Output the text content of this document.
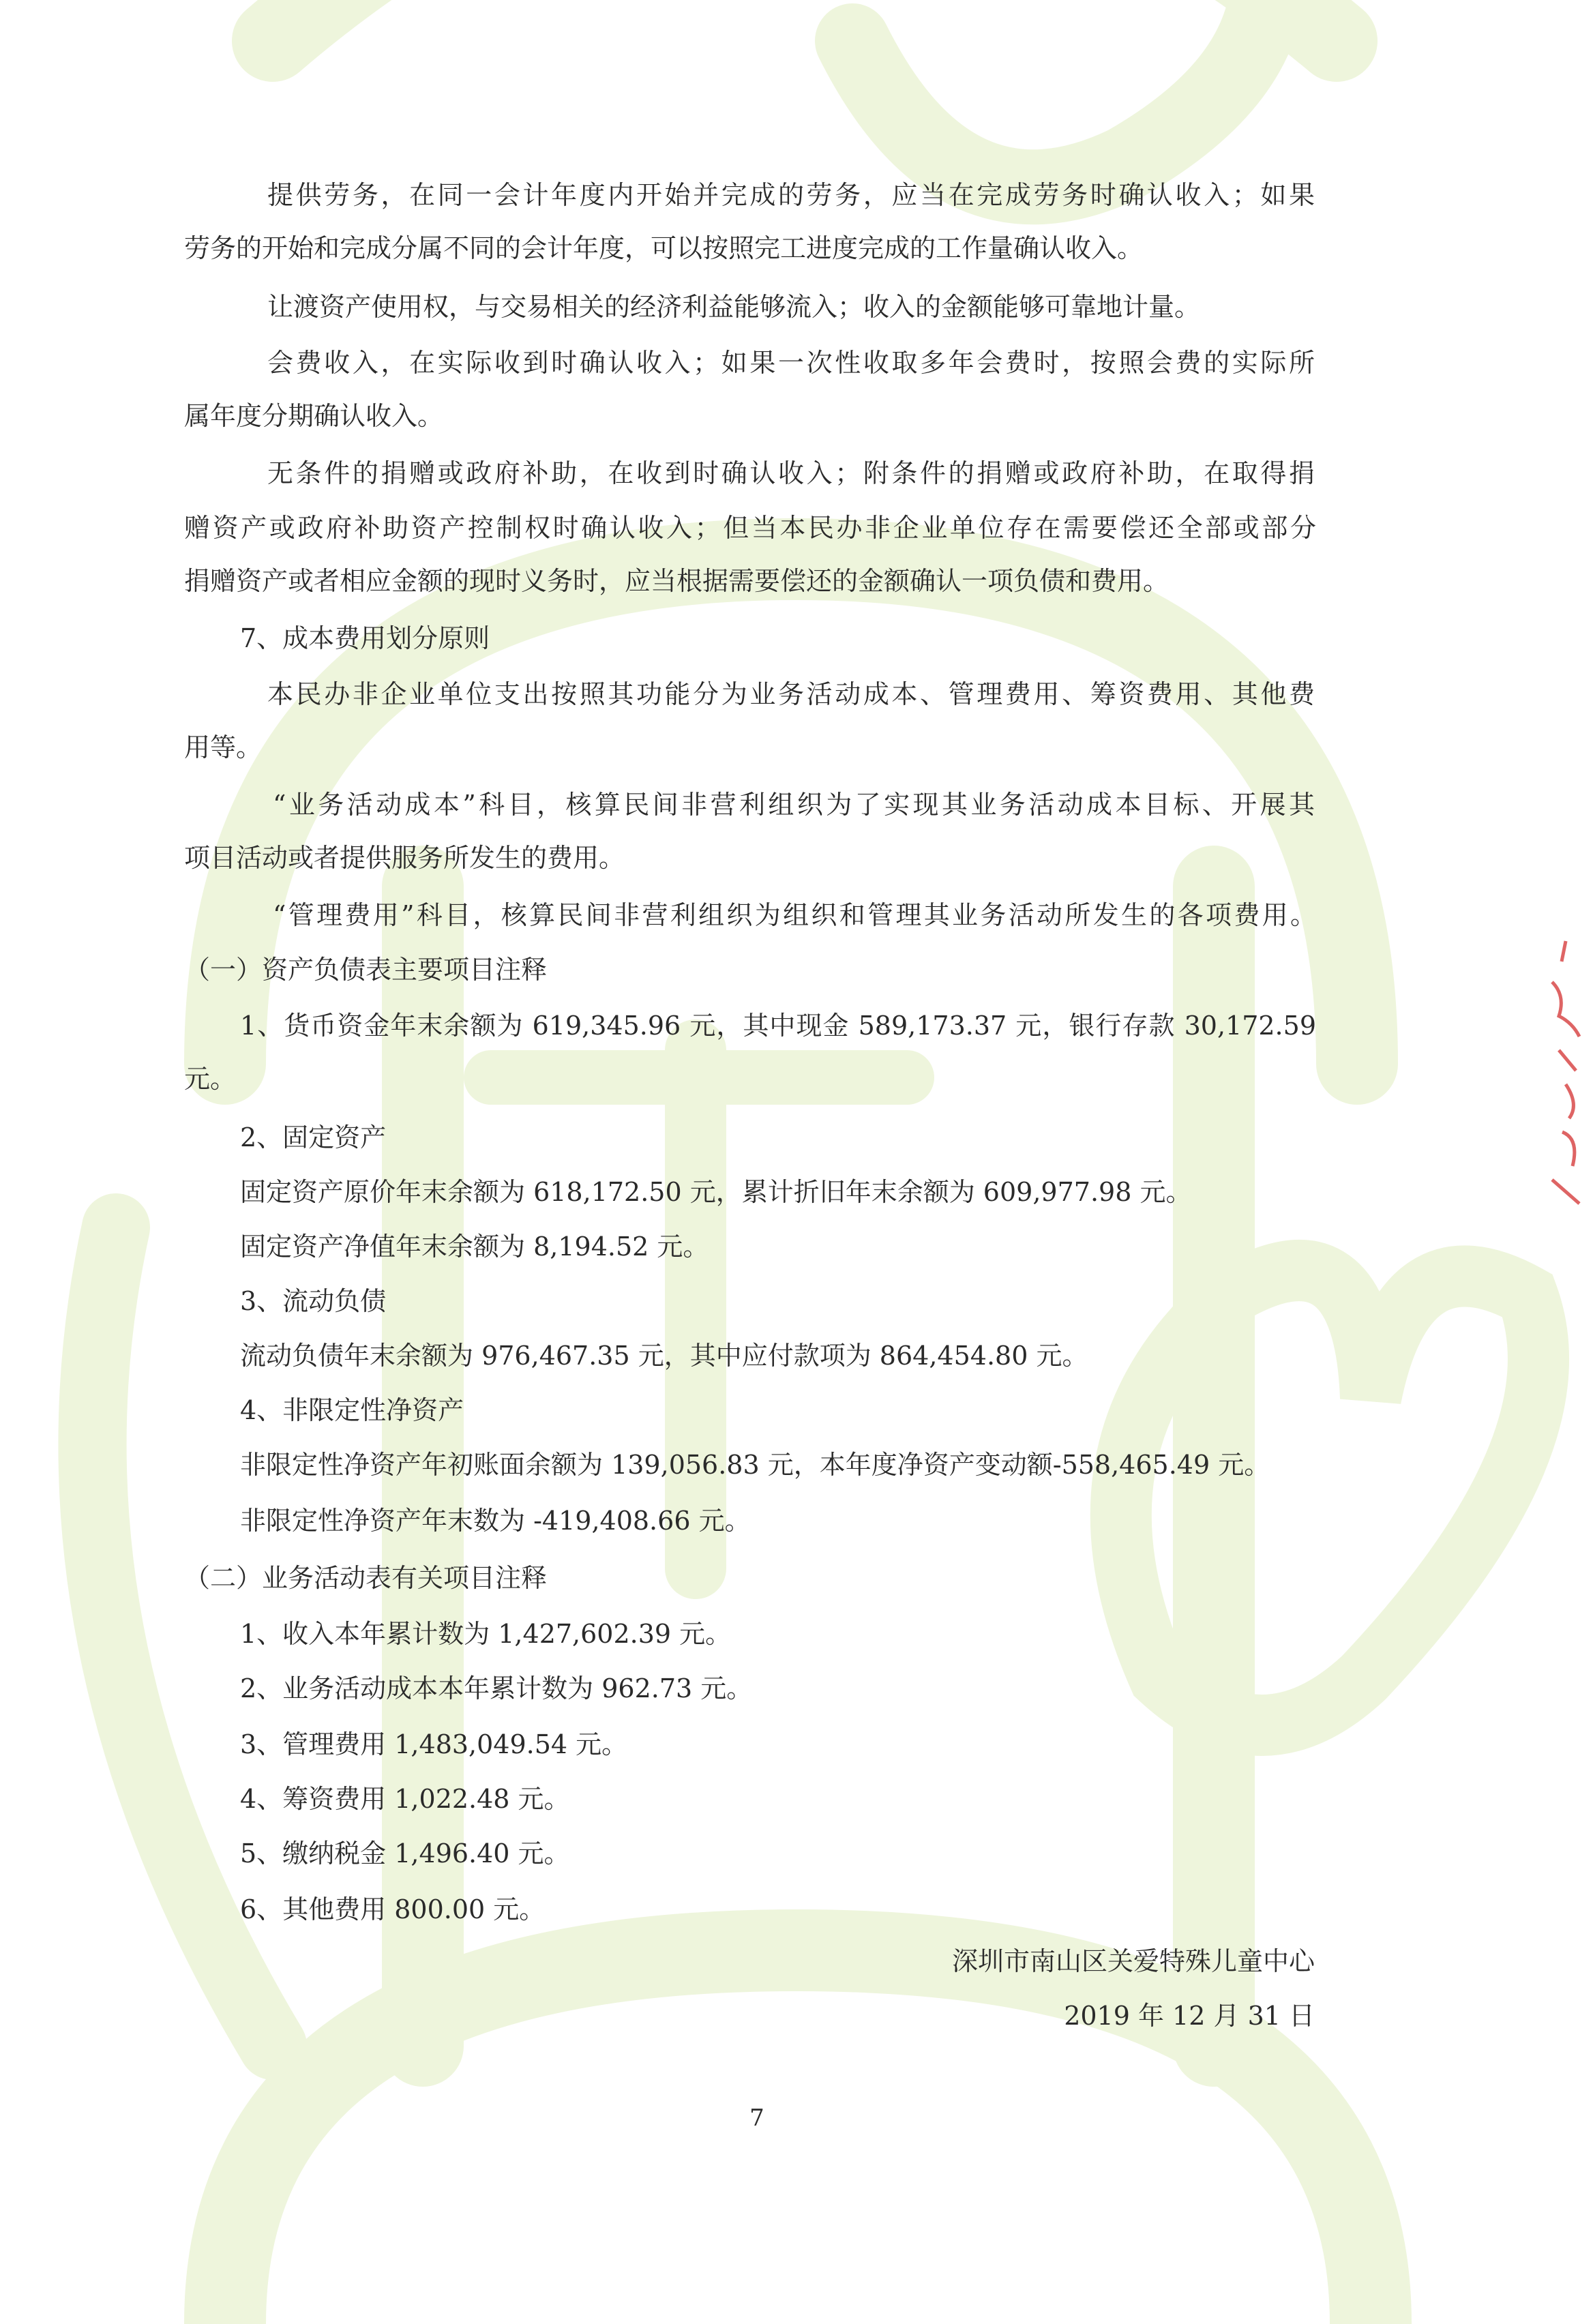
提供劳务，在同一会计年度内开始并完成的劳务，应当在完成劳务时确认收入；如果
劳务的开始和完成分属不同的会计年度，可以按照完工进度完成的工作量确认收入。
让渡资产使用权，与交易相关的经济利益能够流入；收入的金额能够可靠地计量。
会费收入，在实际收到时确认收入；如果一次性收取多年会费时，按照会费的实际所
属年度分期确认收入。
无条件的捐赠或政府补助，在收到时确认收入；附条件的捐赠或政府补助，在取得捐
赠资产或政府补助资产控制权时确认收入；但当本民办非企业单位存在需要偿还全部或部分
捐赠资产或者相应金额的现时义务时，应当根据需要偿还的金额确认一项负债和费用。
7、成本费用划分原则
本民办非企业单位支出按照其功能分为业务活动成本、管理费用、筹资费用、其他费
用等。
“业务活动成本”科目，核算民间非营利组织为了实现其业务活动成本目标、开展其
项目活动或者提供服务所发生的费用。
“管理费用”科目，核算民间非营利组织为组织和管理其业务活动所发生的各项费用。
（一）资产负债表主要项目注释
1、货币资金年末余额为 619,345.96 元，其中现金 589,173.37 元，银行存款 30,172.59
元。
2、固定资产
固定资产原价年末余额为 618,172.50 元，累计折旧年末余额为 609,977.98 元。
固定资产净值年末余额为 8,194.52 元。
3、流动负债
流动负债年末余额为 976,467.35 元，其中应付款项为 864,454.80 元。
4、非限定性净资产
非限定性净资产年初账面余额为 139,056.83 元，本年度净资产变动额-558,465.49 元。
非限定性净资产年末数为 -419,408.66 元。
（二）业务活动表有关项目注释
1、收入本年累计数为 1,427,602.39 元。
2、业务活动成本本年累计数为 962.73 元。
3、管理费用 1,483,049.54 元。
4、筹资费用 1,022.48 元。
5、缴纳税金 1,496.40 元。
6、其他费用 800.00 元。
深圳市南山区关爱特殊儿童中心
2019 年 12 月 31 日
7
